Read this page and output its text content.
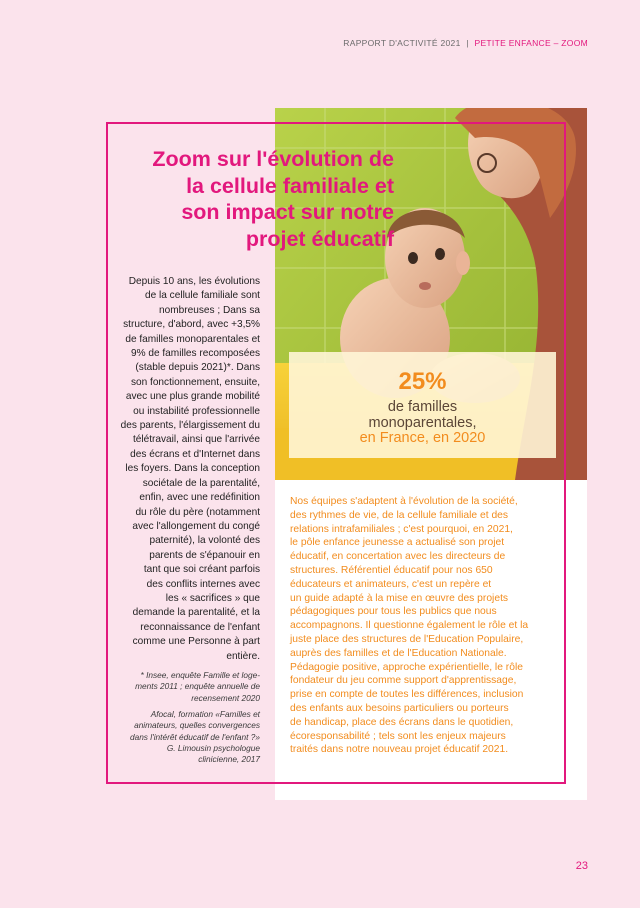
RAPPORT D'ACTIVITÉ 2021 | PETITE ENFANCE – ZOOM
Zoom sur l'évolution de
la cellule familiale et
son impact sur notre
projet éducatif
Depuis 10 ans, les évolutions
de la cellule familiale sont
nombreuses ; Dans sa
structure, d'abord, avec +3,5%
de familles monoparentales et
9% de familles recomposées
(stable depuis 2021)*. Dans
son fonctionnement, ensuite,
avec une plus grande mobilité
ou instabilité professionnelle
des parents, l'élargissement du
télétravail, ainsi que l'arrivée
des écrans et d'Internet dans
les foyers. Dans la conception
sociétale de la parentalité,
enfin, avec une redéfinition
du rôle du père (notamment
avec l'allongement du congé
paternité), la volonté des
parents de s'épanouir en
tant que soi créant parfois
des conflits internes avec
les « sacrifices » que
demande la parentalité, et la
reconnaissance de l'enfant
comme une Personne à part
entière.
* Insee, enquête Famille et loge-
ments 2011 ; enquête annuelle de
recensement 2020
Afocal, formation «Familles et
animateurs, quelles convergences
dans l'intérêt éducatif de l'enfant ?»
G. Limousin psychologue
clinicienne, 2017
25%
de familles
monoparentales,
en France, en 2020
Nos équipes s'adaptent à l'évolution de la société,
des rythmes de vie, de la cellule familiale et des
relations intrafamiliales ; c'est pourquoi, en 2021,
le pôle enfance jeunesse a actualisé son projet
éducatif, en concertation avec les directeurs de
structures. Référentiel éducatif pour nos 650
éducateurs et animateurs, c'est un repère et
un guide adapté à la mise en œuvre des projets
pédagogiques pour tous les publics que nous
accompagnons. Il questionne également le rôle et la
juste place des structures de l'Education Populaire,
auprès des familles et de l'Education Nationale.
Pédagogie positive, approche expérientielle, le rôle
fondateur du jeu comme support d'apprentissage,
prise en compte de toutes les différences, inclusion
des enfants aux besoins particuliers ou porteurs
de handicap, place des écrans dans le quotidien,
écoresponsabilité ; tels sont les enjeux majeurs
traités dans notre nouveau projet éducatif 2021.
23
